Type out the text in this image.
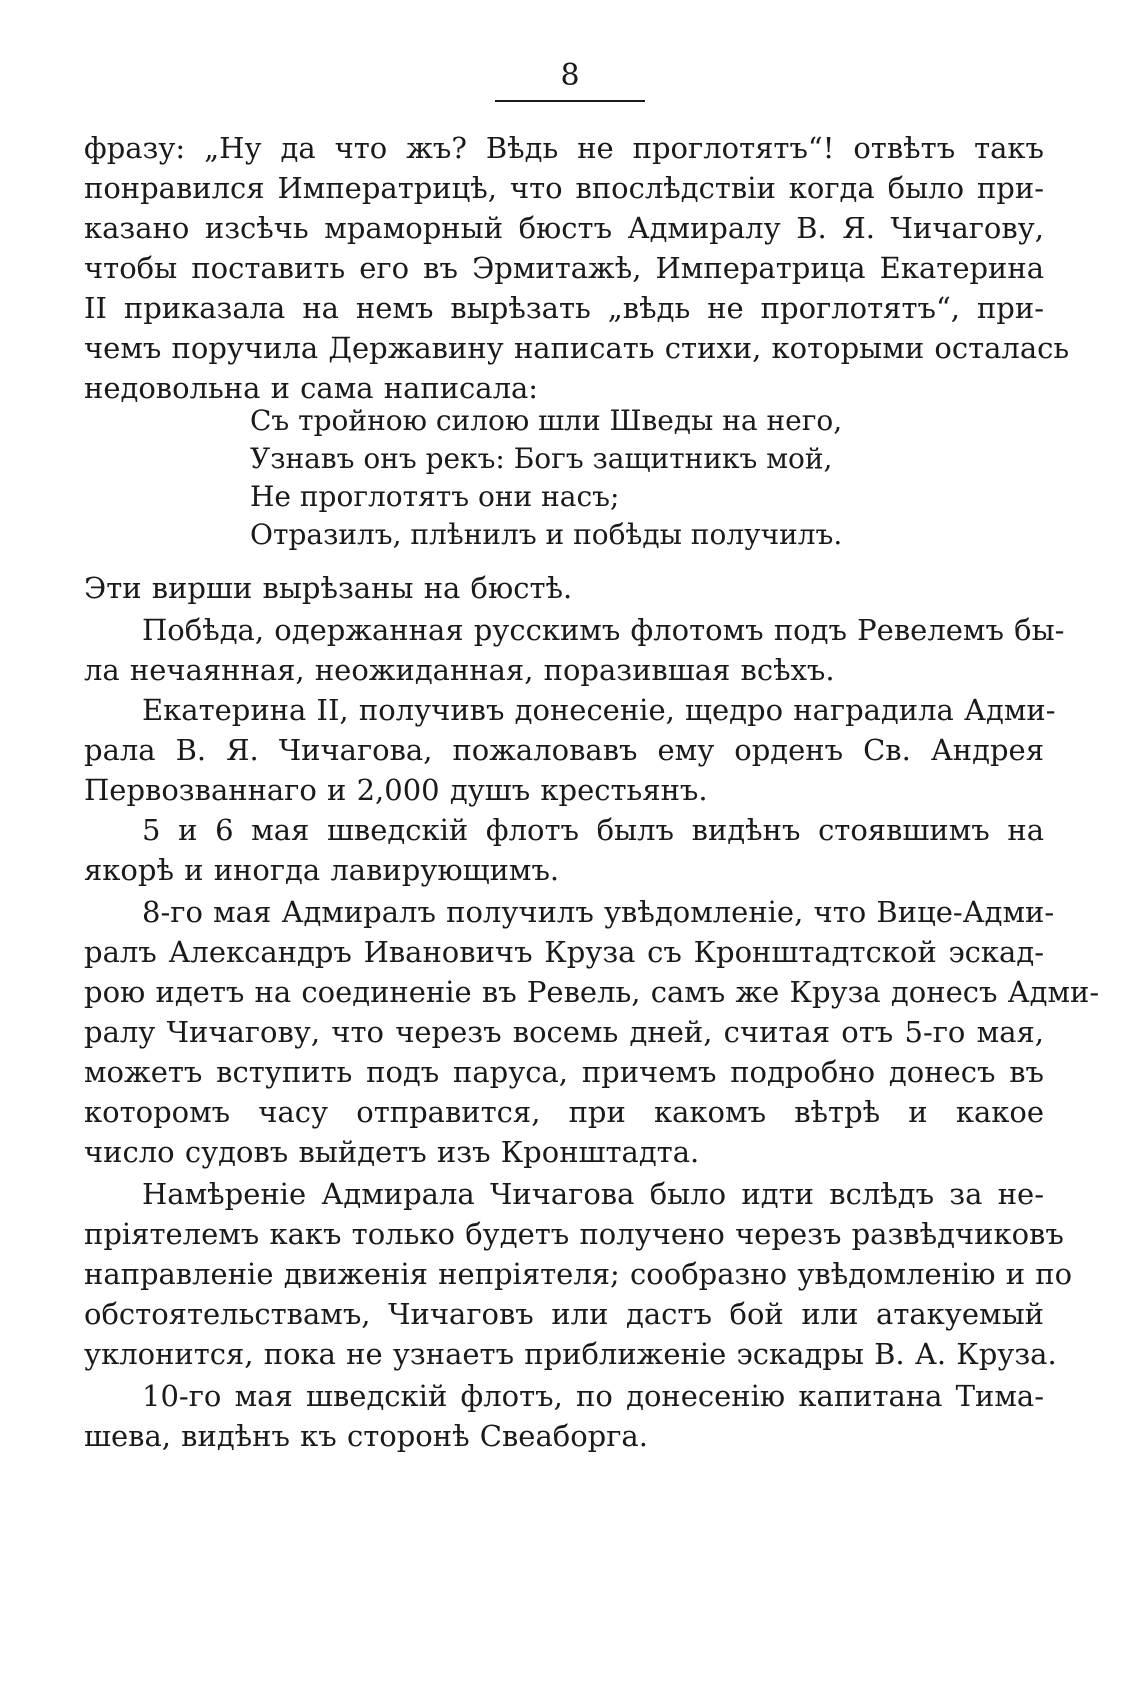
8
фразу: „Ну да что жъ? Вѣдь не проглотятъ“! отвѣтъ такъ
понравился Императрицѣ, что впослѣдствіи когда было при-
казано изсѣчь мраморный бюстъ Адмиралу В. Я. Чичагову,
чтобы поставить его въ Эрмитажѣ, Императрица Екатерина
II приказала на немъ вырѣзать „вѣдь не проглотятъ“, при-
чемъ поручила Державину написать стихи, которыми осталась
недовольна и сама написала:
Съ тройною силою шли Шведы на него,
Узнавъ онъ рекъ: Богъ защитникъ мой,
Не проглотятъ они насъ;
Отразилъ, плѣнилъ и побѣды получилъ.
Эти вирши вырѣзаны на бюстѣ.
Побѣда, одержанная русскимъ флотомъ подъ Ревелемъ бы-
ла нечаянная, неожиданная, поразившая всѣхъ.
Екатерина II, получивъ донесеніе, щедро наградила Адми-
рала В. Я. Чичагова, пожаловавъ ему орденъ Св. Андрея
Первозваннаго и 2,000 душъ крестьянъ.
5 и 6 мая шведскій флотъ былъ видѣнъ стоявшимъ на
якорѣ и иногда лавирующимъ.
8-го мая Адмиралъ получилъ увѣдомленіе, что Вице-Адми-
ралъ Александръ Ивановичъ Круза съ Кронштадтской эскад-
рою идетъ на соединеніе въ Ревель, самъ же Круза донесъ Адми-
ралу Чичагову, что черезъ восемь дней, считая отъ 5-го мая,
можетъ вступить подъ паруса, причемъ подробно донесъ въ
которомъ часу отправится, при какомъ вѣтрѣ и какое
число судовъ выйдетъ изъ Кронштадта.
Намѣреніе Адмирала Чичагова было идти вслѣдъ за не-
пріятелемъ какъ только будетъ получено черезъ развѣдчиковъ
направленіе движенія непріятеля; сообразно увѣдомленію и по
обстоятельствамъ, Чичаговъ или дастъ бой или атакуемый
уклонится, пока не узнаетъ приближеніе эскадры В. А. Круза.
10-го мая шведскій флотъ, по донесенію капитана Тима-
шева, видѣнъ къ сторонѣ Свеаборга.
